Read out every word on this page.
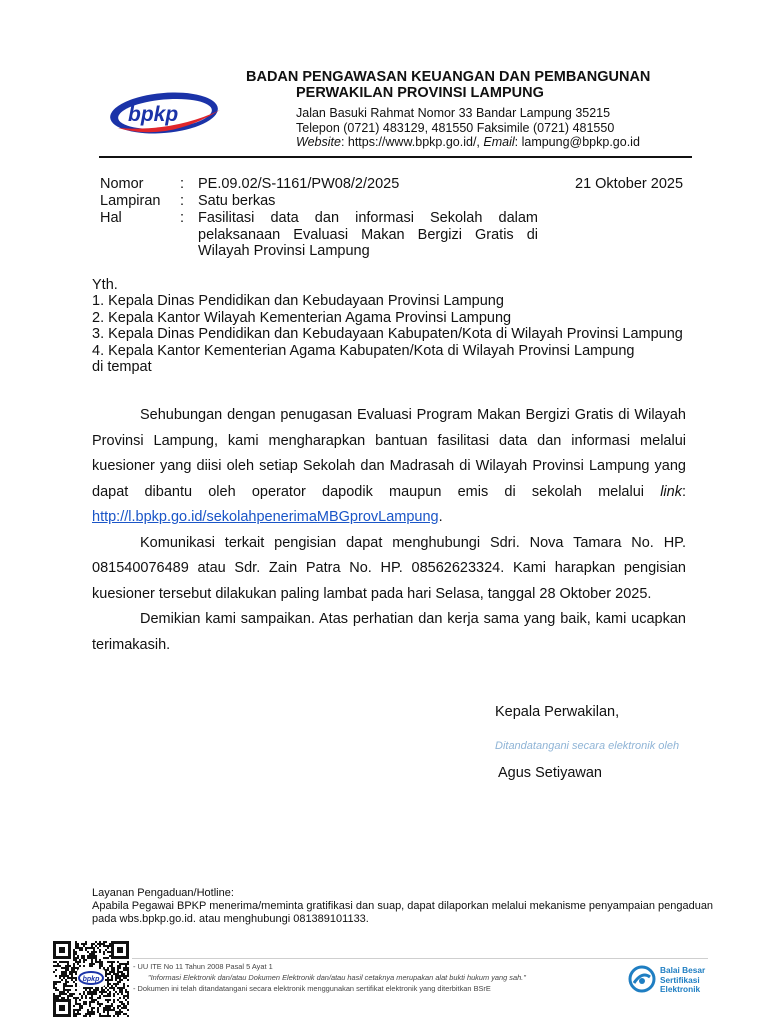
bpkp
BADAN PENGAWASAN KEUANGAN DAN PEMBANGUNAN
PERWAKILAN PROVINSI LAMPUNG
Jalan Basuki Rahmat Nomor 33 Bandar Lampung 35215
Telepon (0721) 483129, 481550 Faksimile (0721) 481550
Website: https://www.bpkp.go.id/, Email: lampung@bpkp.go.id
Nomor	: PE.09.02/S-1161/PW08/2/2025	21 Oktober 2025
Lampiran : Satu berkas
Hal	: Fasilitasi data dan informasi Sekolah dalam pelaksanaan Evaluasi Makan Bergizi Gratis di Wilayah Provinsi Lampung
Yth.
1. Kepala Dinas Pendidikan dan Kebudayaan Provinsi Lampung
2. Kepala Kantor Wilayah Kementerian Agama Provinsi Lampung
3. Kepala Dinas Pendidikan dan Kebudayaan Kabupaten/Kota di Wilayah Provinsi Lampung
4. Kepala Kantor Kementerian Agama Kabupaten/Kota di Wilayah Provinsi Lampung
di tempat

Sehubungan dengan penugasan Evaluasi Program Makan Bergizi Gratis di Wilayah Provinsi Lampung, kami mengharapkan bantuan fasilitasi data dan informasi melalui kuesioner yang diisi oleh setiap Sekolah dan Madrasah di Wilayah Provinsi Lampung yang dapat dibantu oleh operator dapodik maupun emis di sekolah melalui link: http://l.bpkp.go.id/sekolahpenerimaMBGprovLampung.

Komunikasi terkait pengisian dapat menghubungi Sdri. Nova Tamara No. HP. 081540076489 atau Sdr. Zain Patra No. HP. 08562623324. Kami harapkan pengisian kuesioner tersebut dilakukan paling lambat pada hari Selasa, tanggal 28 Oktober 2025.

Demikian kami sampaikan. Atas perhatian dan kerja sama yang baik, kami ucapkan terimakasih.

Kepala Perwakilan,
Ditandatangani secara elektronik oleh
Agus Setiyawan
Layanan Pengaduan/Hotline:
Apabila Pegawai BPKP menerima/meminta gratifikasi dan suap, dapat dilaporkan melalui mekanisme penyampaian pengaduan pada wbs.bpkp.go.id. atau menghubungi 081389101133.
bpkp
- UU ITE No 11 Tahun 2008 Pasal 5 Ayat 1
"Informasi Elektronik dan/atau Dokumen Elektronik dan/atau hasil cetaknya merupakan alat bukti hukum yang sah."
- Dokumen ini telah ditandatangani secara elektronik menggunakan sertifikat elektronik yang diterbitkan BSrE
Balai Besar
Sertifikasi
Elektronik
